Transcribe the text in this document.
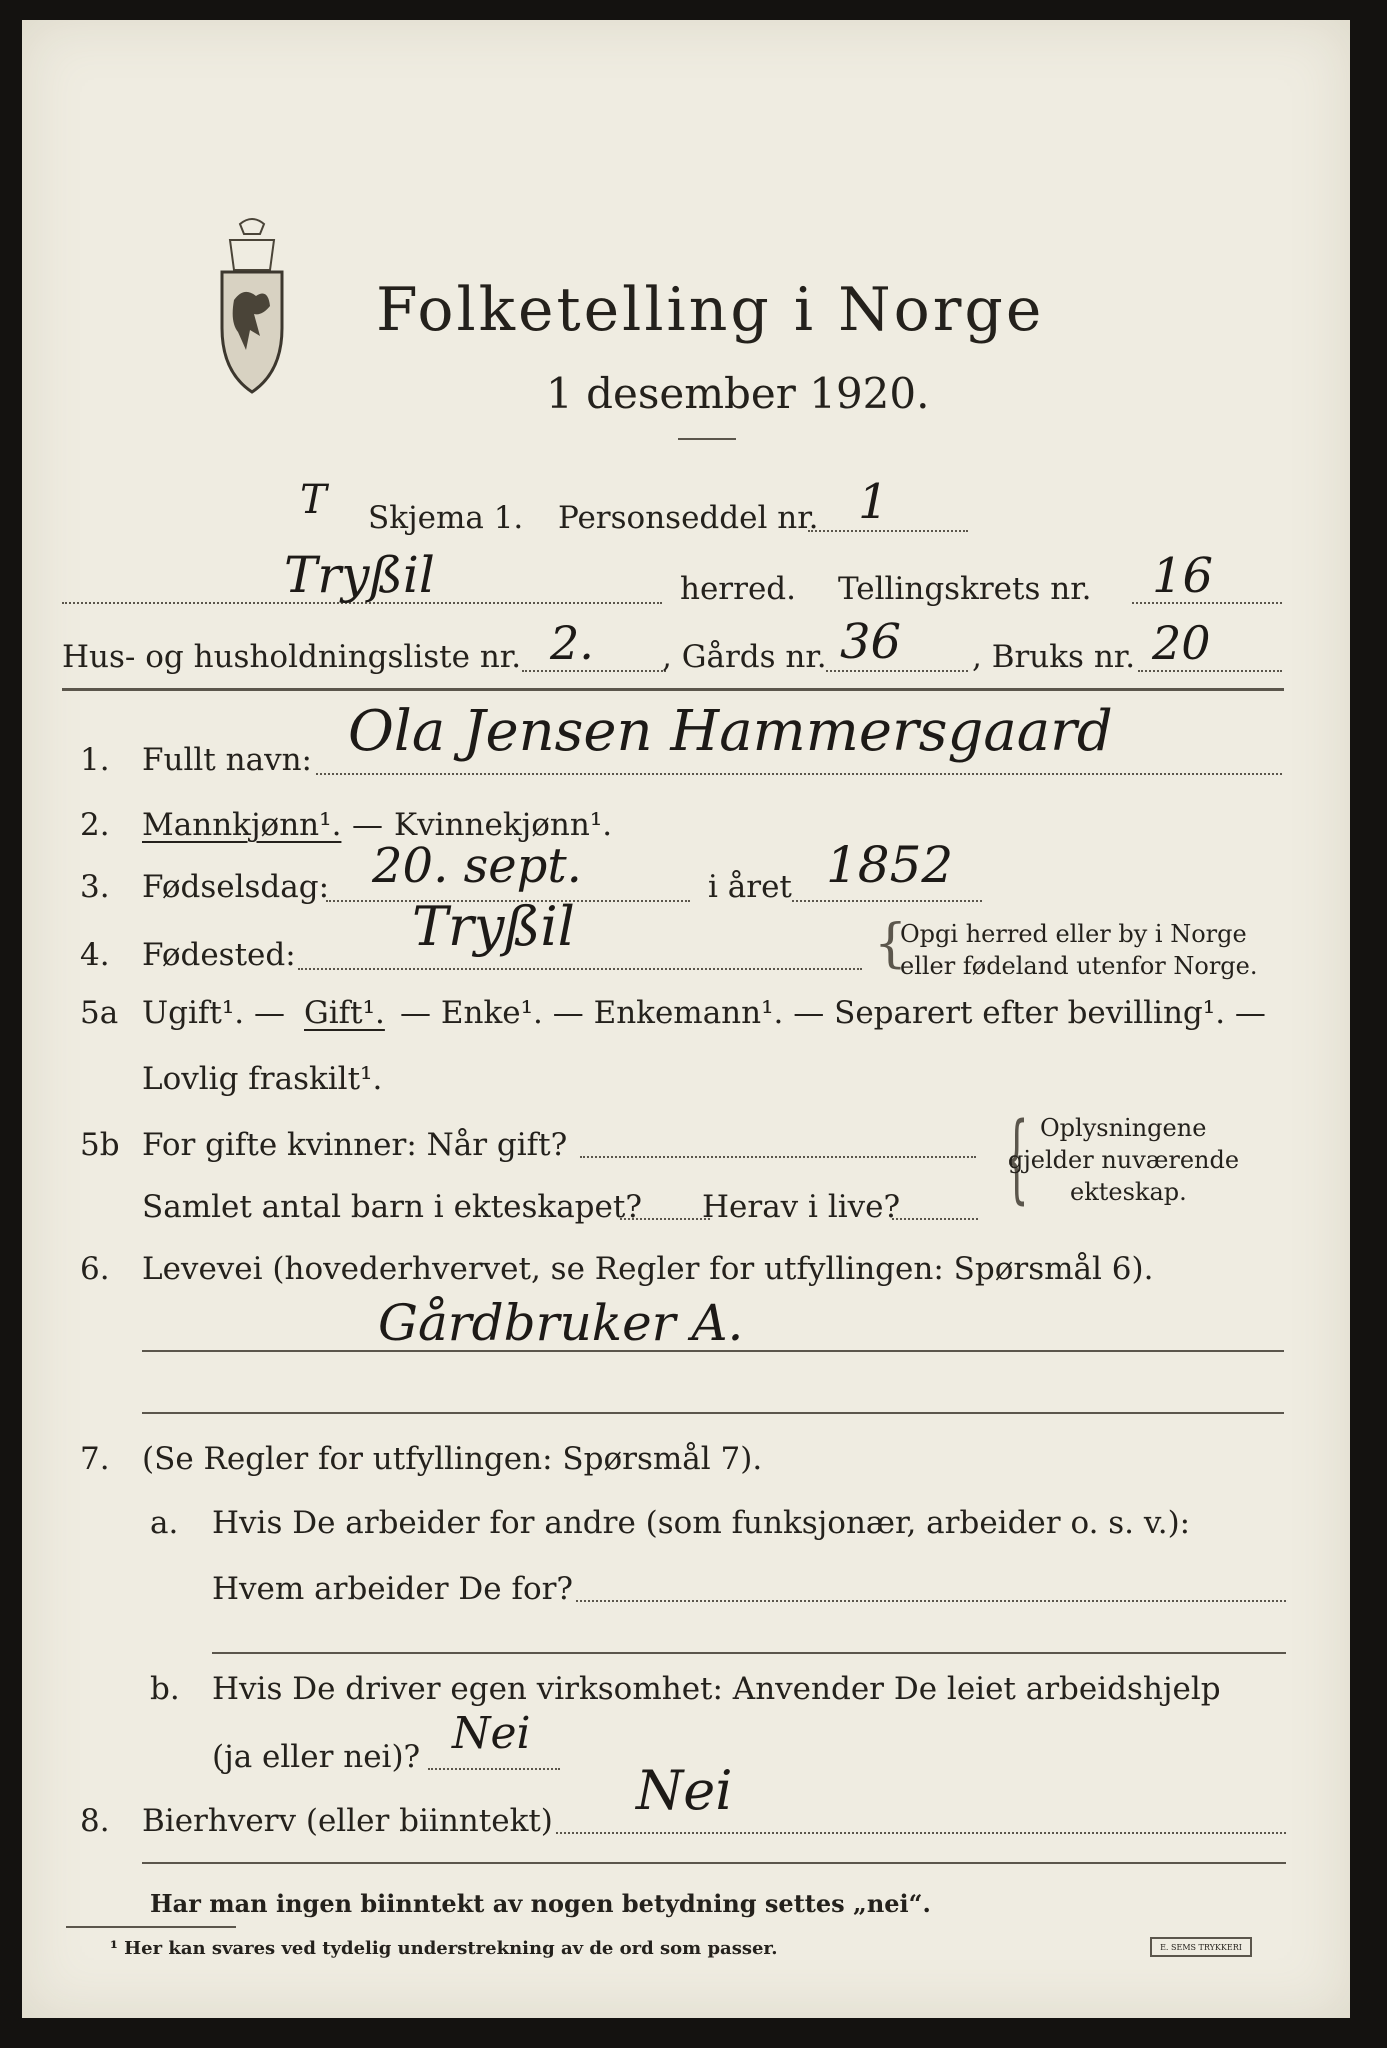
Folketelling i Norge
1 desember 1920.
T Skjema 1. Personseddel nr. 1
Tryßil	herred. Tellingskrets nr. 16
Hus- og husholdningsliste nr. 2. , Gårds nr. 36 , Bruks nr. 20
1. Fullt navn: Ola Jensen Hammersgaard
2. Mannkjønn¹. — Kvinnekjønn¹.
3. Fødselsdag: 20. sept.	i året 1852
4. Fødested: Tryßil	{
Opgi herred eller by i Norge
eller fødeland utenfor Norge.
5a Ugift¹. — Gift¹. — Enke¹. — Enkemann¹. — Separert efter bevilling¹. —
Lovlig fraskilt¹.
5b For gifte kvinner: Når gift?
Samlet antal barn i ekteskapet? Herav i live? { Oplysningene
gjelder nuværende
ekteskap.
6. Levevei (hovederhvervet, se Regler for utfyllingen: Spørsmål 6).
Gårdbruker A.
7. (Se Regler for utfyllingen: Spørsmål 7).
a. Hvis De arbeider for andre (som funksjonær, arbeider o. s. v.):
Hvem arbeider De for?
b. Hvis De driver egen virksomhet: Anvender De leiet arbeidshjelp
(ja eller nei)? Nei
8. Bierhverv (eller biinntekt) Nei
Har man ingen biinntekt av nogen betydning settes „nei“.
¹ Her kan svares ved tydelig understrekning av de ord som passer.	E. SEMS TRYKKERI
